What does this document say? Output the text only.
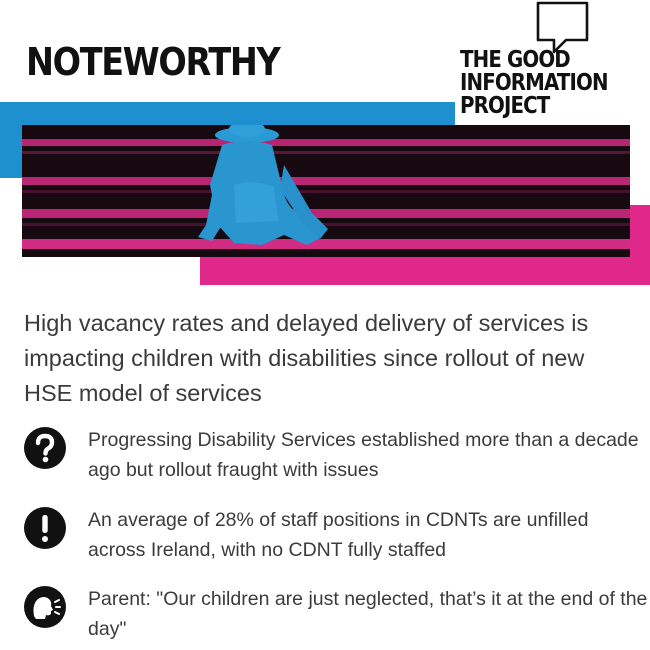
NOTEWORTHY	THE GOOD
INFORMATION
PROJECT
High vacancy rates and delayed delivery of services is impacting children with disabilities since rollout of new HSE model of services
Progressing Disability Services established more than a decade ago but rollout fraught with issues
An average of 28% of staff positions in CDNTs are unfilled across Ireland, with no CDNT fully staffed
Parent: "Our children are just neglected, that’s it at the end of the day"
